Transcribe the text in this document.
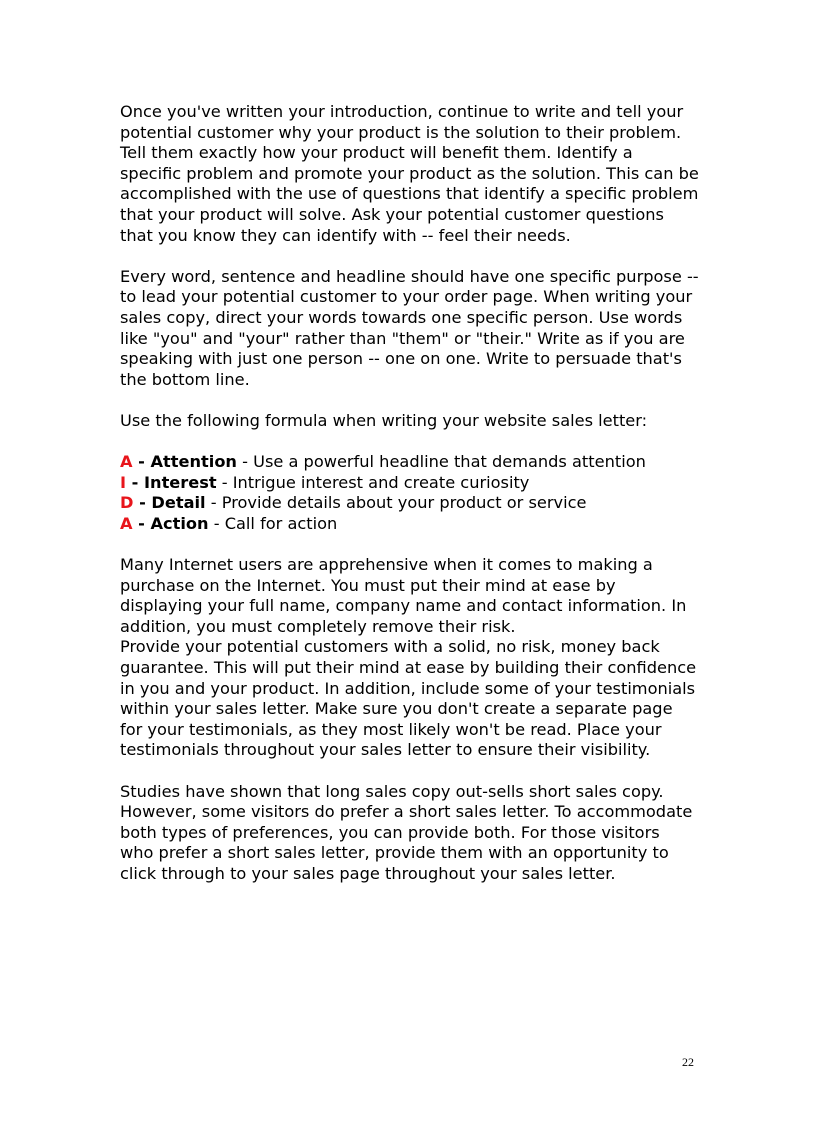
Once you've written your introduction, continue to write and tell your
potential customer why your product is the solution to their problem.
Tell them exactly how your product will benefit them. Identify a
specific problem and promote your product as the solution. This can be
accomplished with the use of questions that identify a specific problem
that your product will solve. Ask your potential customer questions
that you know they can identify with -- feel their needs.

Every word, sentence and headline should have one specific purpose --
to lead your potential customer to your order page. When writing your
sales copy, direct your words towards one specific person. Use words
like "you" and "your" rather than "them" or "their." Write as if you are
speaking with just one person -- one on one. Write to persuade that's
the bottom line.

Use the following formula when writing your website sales letter:

A - Attention - Use a powerful headline that demands attention
I - Interest - Intrigue interest and create curiosity
D - Detail - Provide details about your product or service
A - Action - Call for action

Many Internet users are apprehensive when it comes to making a
purchase on the Internet. You must put their mind at ease by
displaying your full name, company name and contact information. In
addition, you must completely remove their risk.
Provide your potential customers with a solid, no risk, money back
guarantee. This will put their mind at ease by building their confidence
in you and your product. In addition, include some of your testimonials
within your sales letter. Make sure you don't create a separate page
for your testimonials, as they most likely won't be read. Place your
testimonials throughout your sales letter to ensure their visibility.

Studies have shown that long sales copy out-sells short sales copy.
However, some visitors do prefer a short sales letter. To accommodate
both types of preferences, you can provide both. For those visitors
who prefer a short sales letter, provide them with an opportunity to
click through to your sales page throughout your sales letter.

22
